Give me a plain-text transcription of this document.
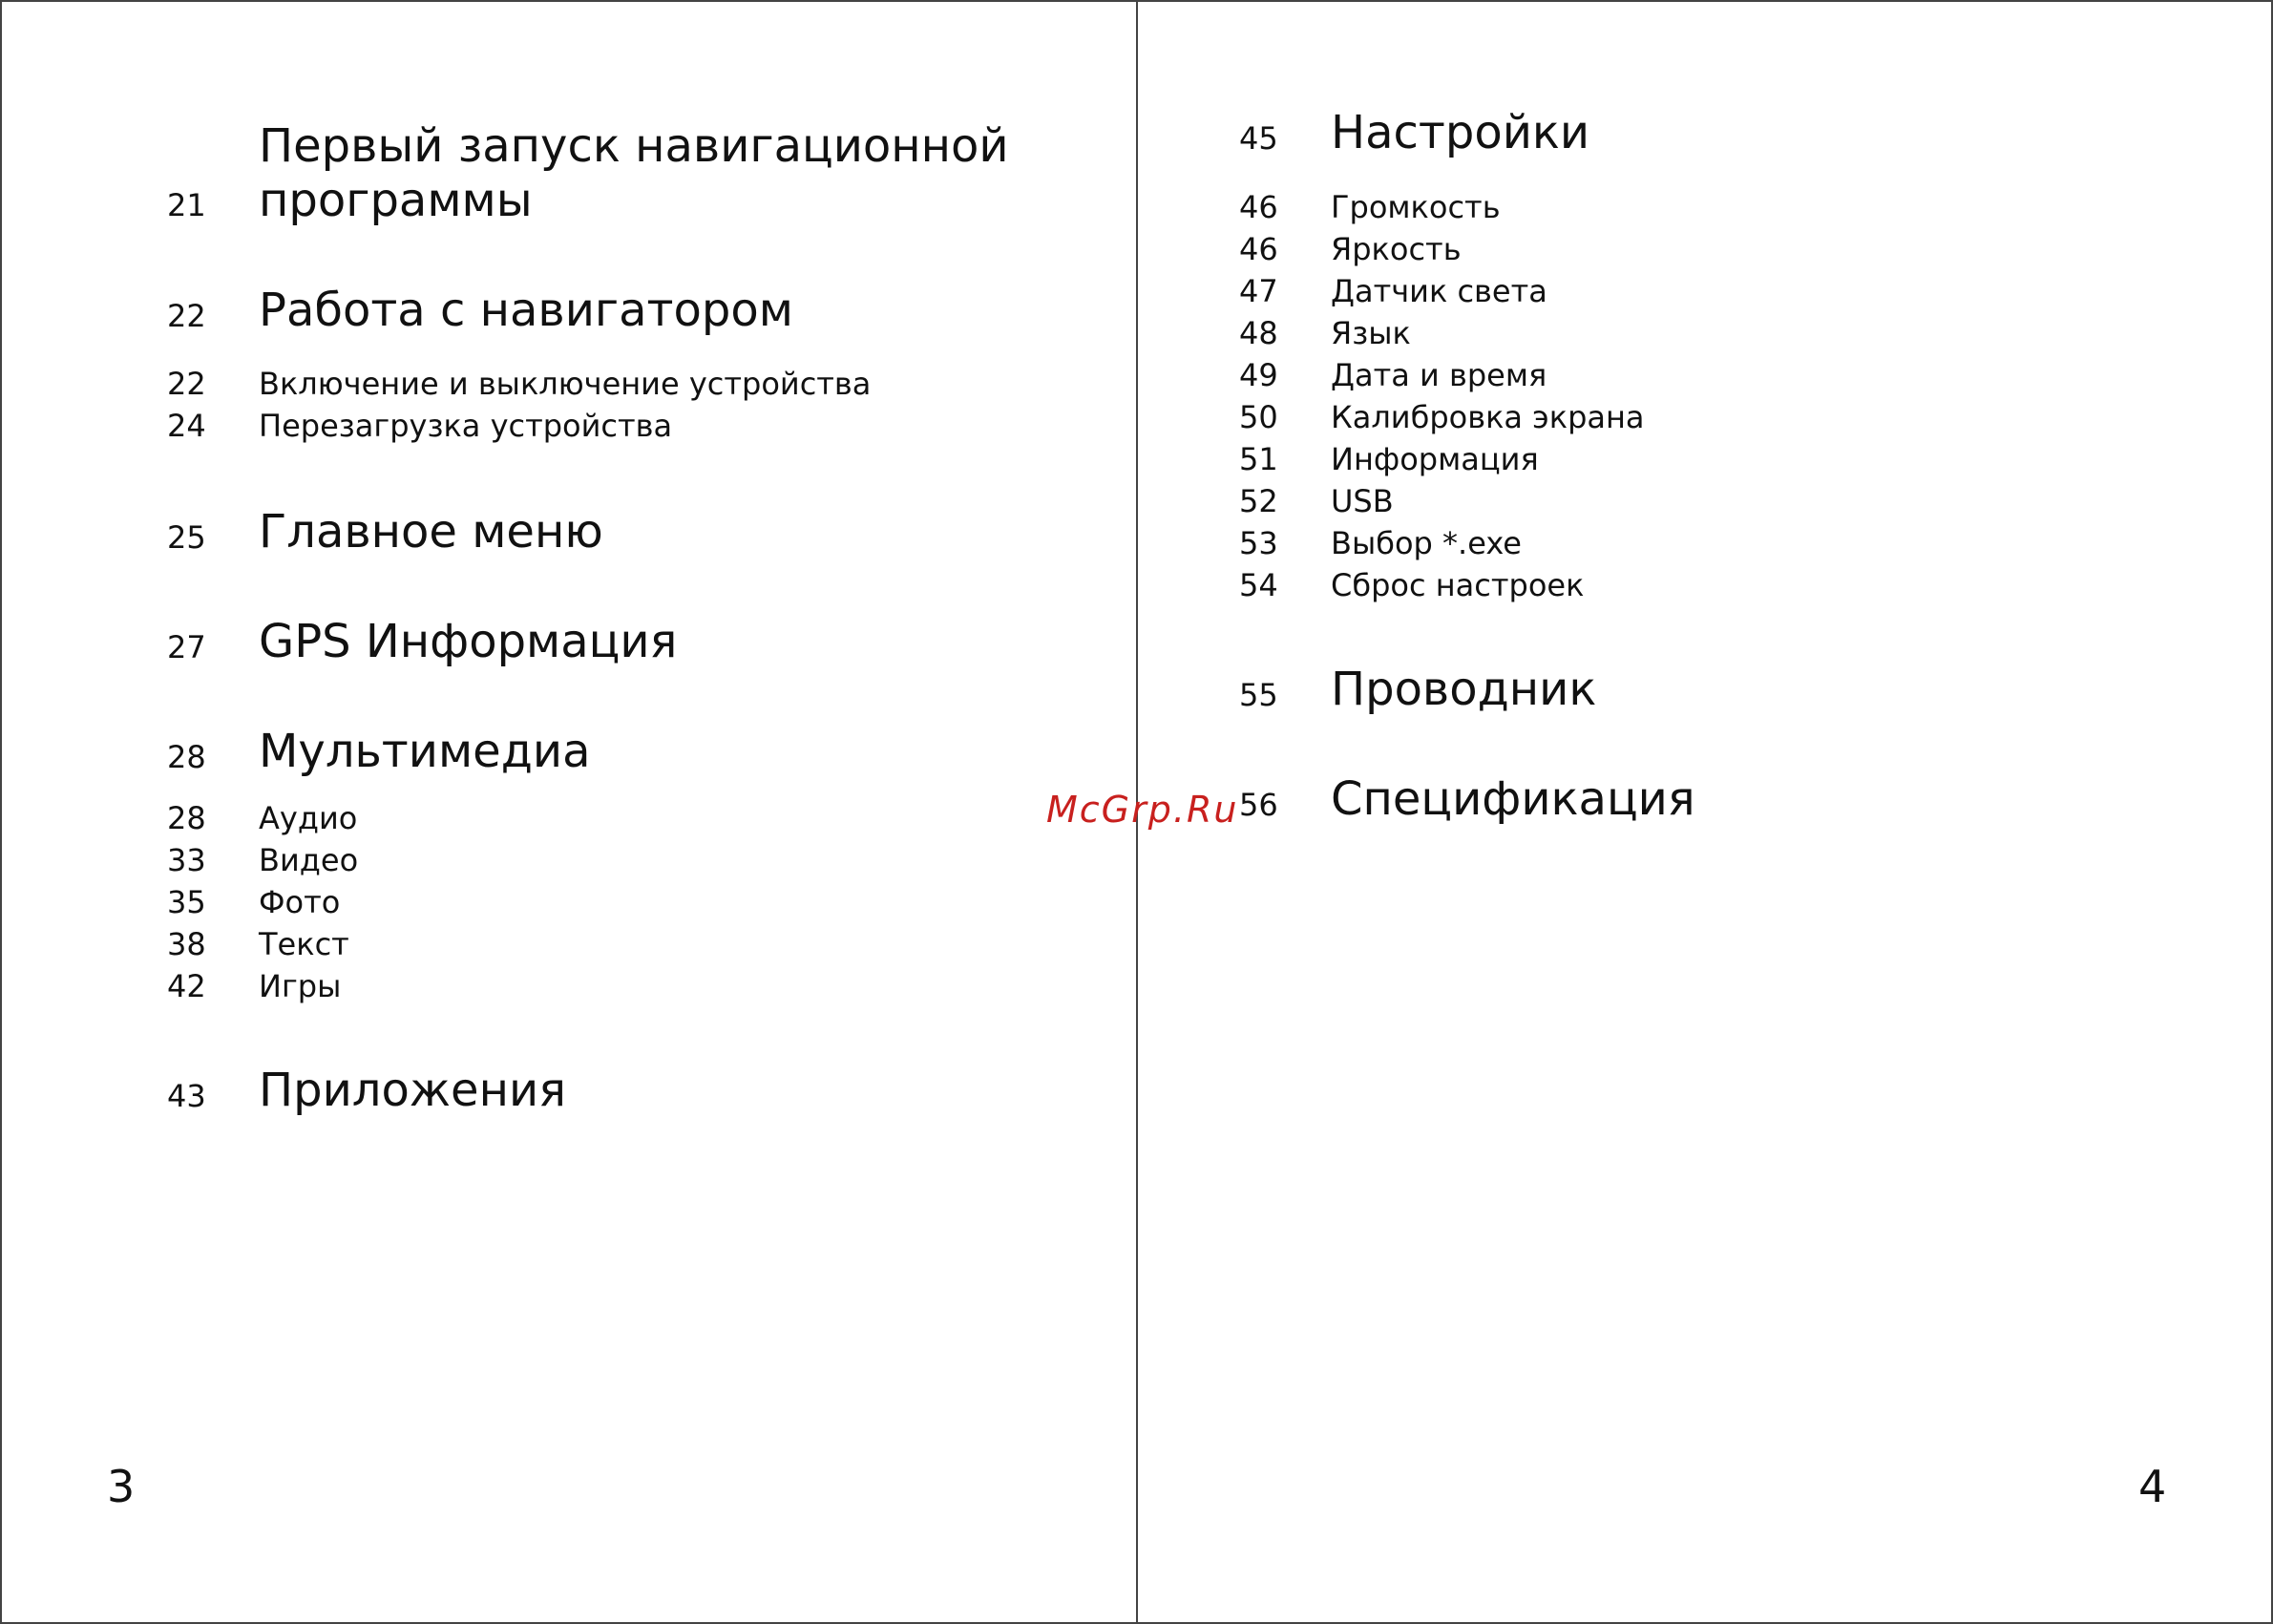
21
Первый запуск навигационной
программы
22 Работа с навигатором
22 Включение и выключение устройства
24 Перезагрузка устройства
25 Главное меню
27 GPS Информация
28 Мультимедиа
28 Аудио
33 Видео
35 Фото
38 Текст
42 Игры
43 Приложения
3
45 Настройки
46 Громкость
46 Яркость
47 Датчик света
48 Язык
49 Дата и время
50 Калибровка экрана
51 Информация
52 USB
53 Выбор *.exe
54 Сброс настроек
55 Проводник
56 Спецификация
4
McGrp.Ru
